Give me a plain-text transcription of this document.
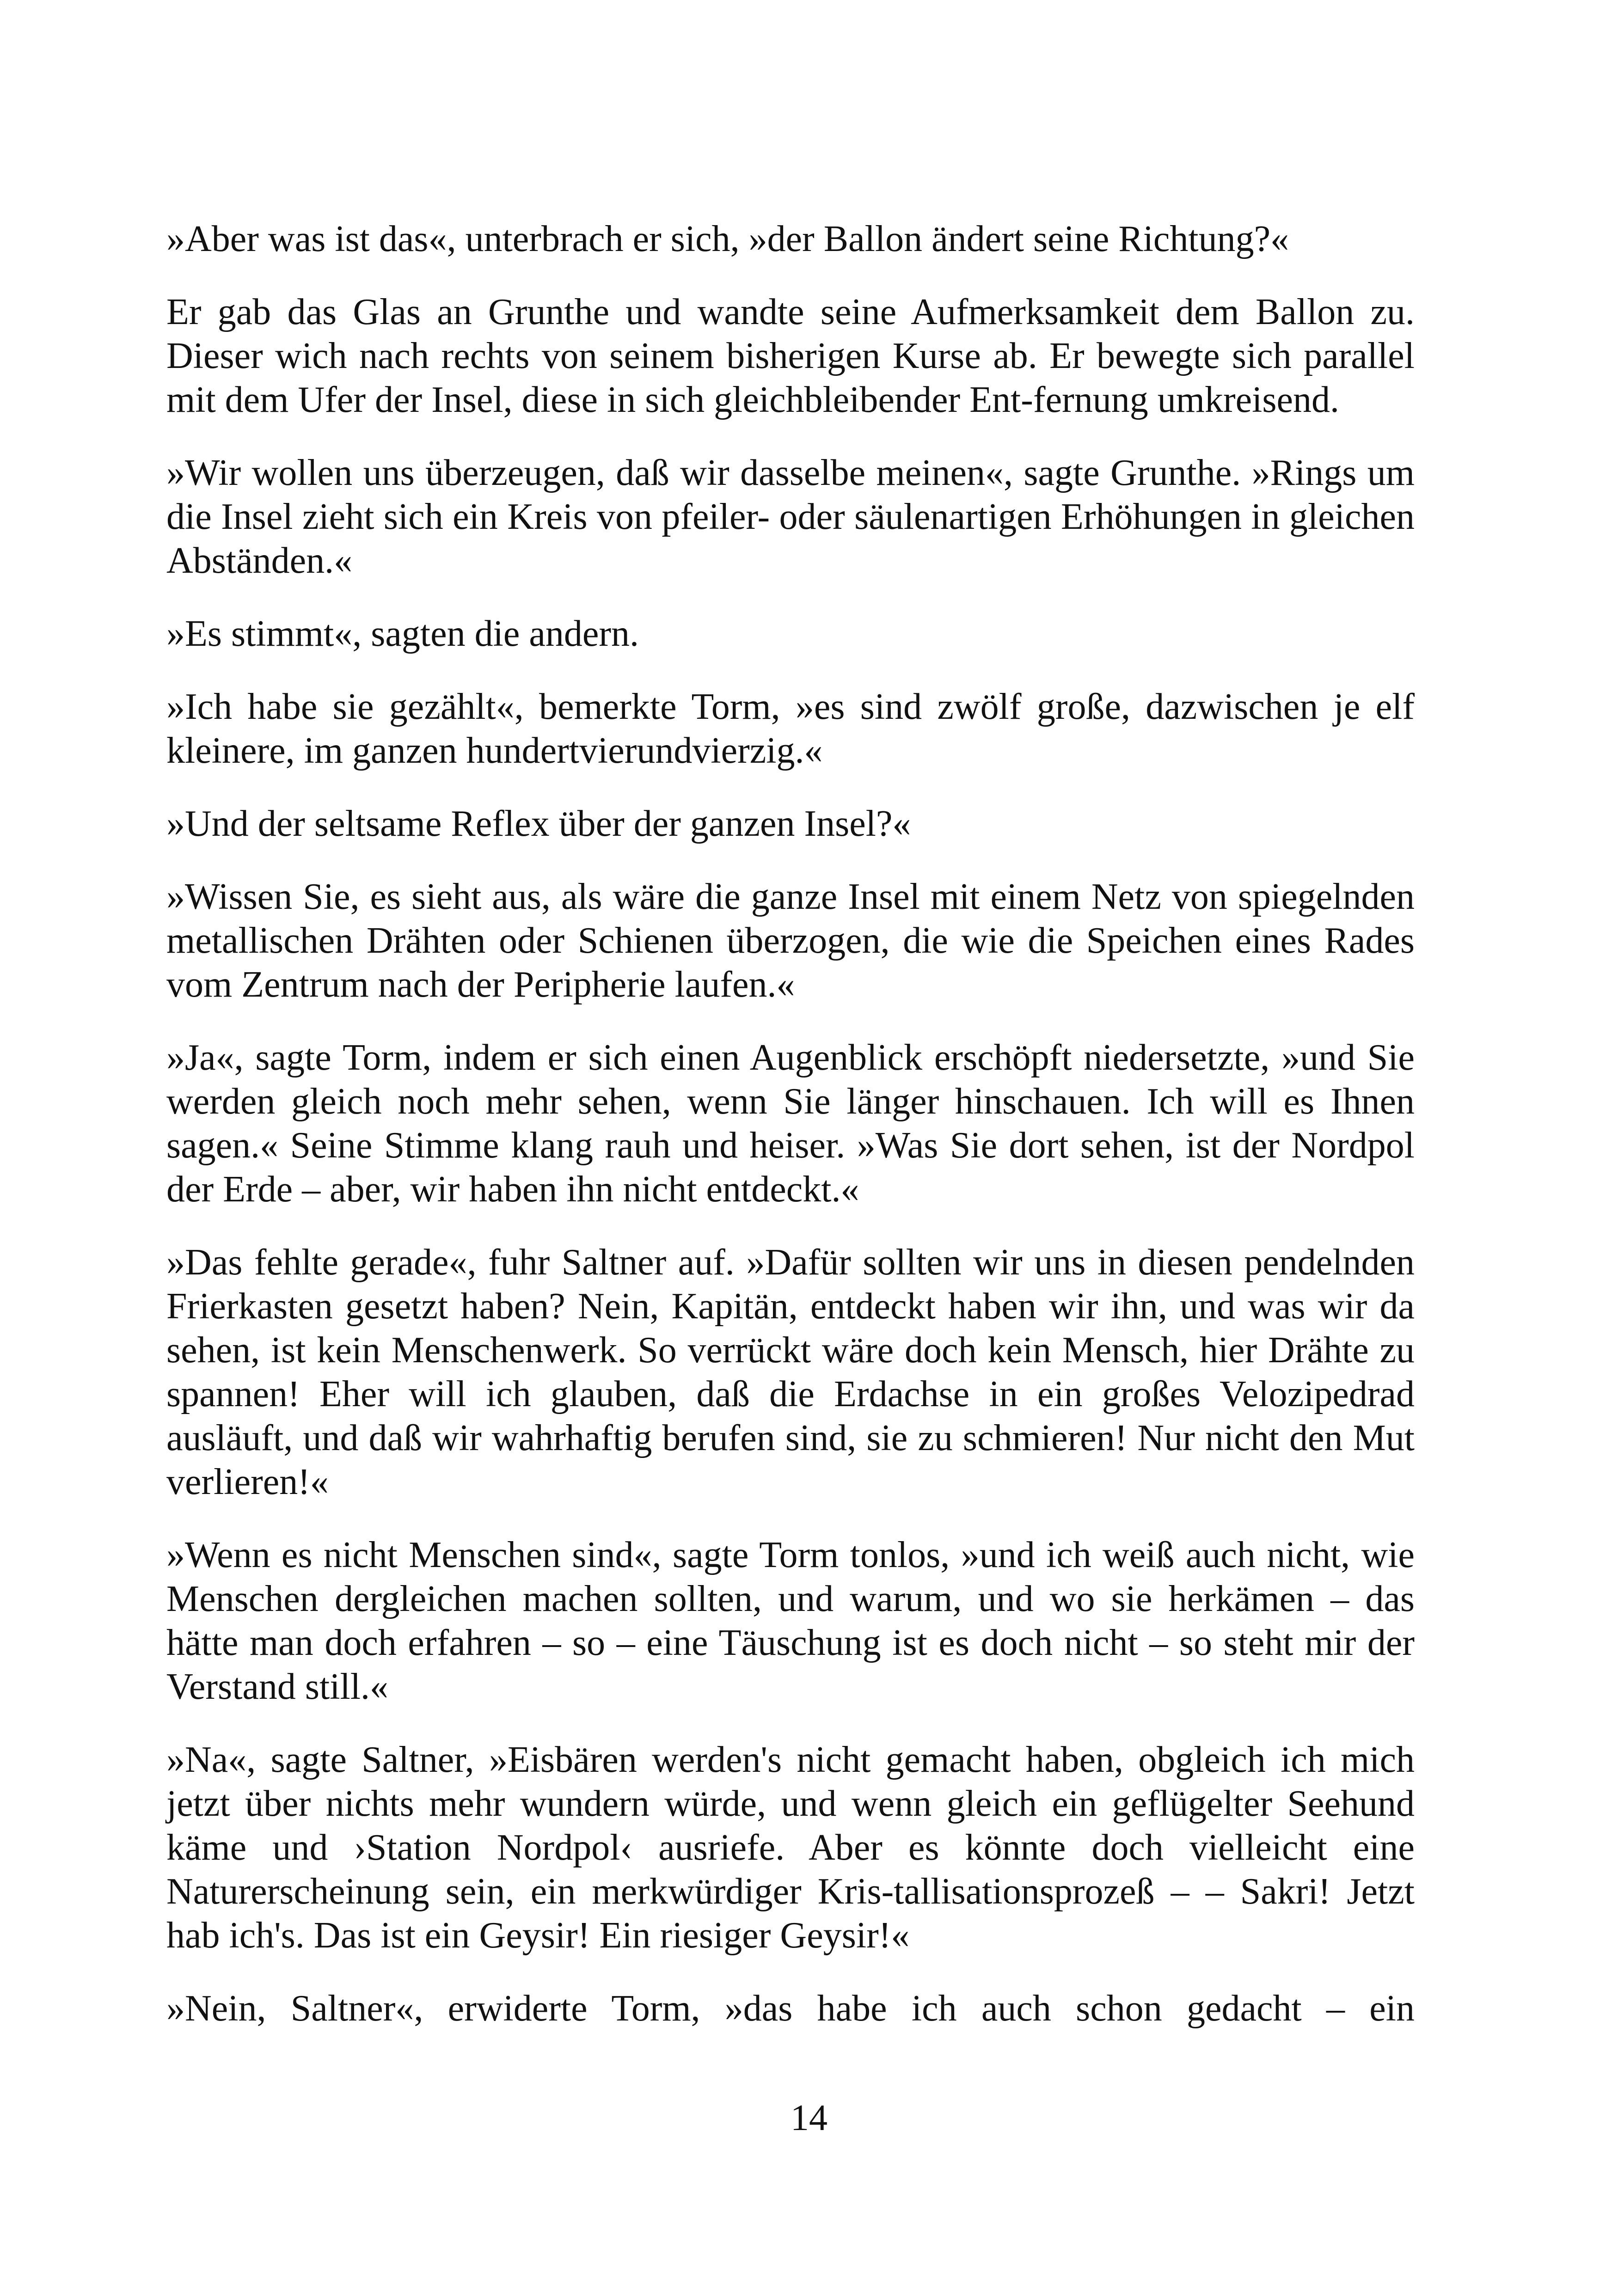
»Aber was ist das«, unterbrach er sich, »der Ballon ändert seine Richtung?«

Er gab das Glas an Grunthe und wandte seine Aufmerksamkeit dem Ballon zu. Dieser wich nach rechts von seinem bisherigen Kurse ab. Er bewegte sich parallel mit dem Ufer der Insel, diese in sich gleichbleibender Ent-fernung umkreisend.

»Wir wollen uns überzeugen, daß wir dasselbe meinen«, sagte Grunthe. »Rings um die Insel zieht sich ein Kreis von pfeiler- oder säulenartigen Erhöhungen in gleichen Abständen.«

»Es stimmt«, sagten die andern.

»Ich habe sie gezählt«, bemerkte Torm, »es sind zwölf große, dazwischen je elf kleinere, im ganzen hundertvierundvierzig.«

»Und der seltsame Reflex über der ganzen Insel?«

»Wissen Sie, es sieht aus, als wäre die ganze Insel mit einem Netz von spiegelnden metallischen Drähten oder Schienen überzogen, die wie die Speichen eines Rades vom Zentrum nach der Peripherie laufen.«

»Ja«, sagte Torm, indem er sich einen Augenblick erschöpft niedersetzte, »und Sie werden gleich noch mehr sehen, wenn Sie länger hinschauen. Ich will es Ihnen sagen.« Seine Stimme klang rauh und heiser. »Was Sie dort sehen, ist der Nordpol der Erde – aber, wir haben ihn nicht entdeckt.«

»Das fehlte gerade«, fuhr Saltner auf. »Dafür sollten wir uns in diesen pendelnden Frierkasten gesetzt haben? Nein, Kapitän, entdeckt haben wir ihn, und was wir da sehen, ist kein Menschenwerk. So verrückt wäre doch kein Mensch, hier Drähte zu spannen! Eher will ich glauben, daß die Erdachse in ein großes Velozipedrad ausläuft, und daß wir wahrhaftig berufen sind, sie zu schmieren! Nur nicht den Mut verlieren!«

»Wenn es nicht Menschen sind«, sagte Torm tonlos, »und ich weiß auch nicht, wie Menschen dergleichen machen sollten, und warum, und wo sie herkämen – das hätte man doch erfahren – so – eine Täuschung ist es doch nicht – so steht mir der Verstand still.«

»Na«, sagte Saltner, »Eisbären werden's nicht gemacht haben, obgleich ich mich jetzt über nichts mehr wundern würde, und wenn gleich ein geflügelter Seehund käme und ›Station Nordpol‹ ausriefe. Aber es könnte doch vielleicht eine Naturerscheinung sein, ein merkwürdiger Kris-tallisationsprozeß – – Sakri! Jetzt hab ich's. Das ist ein Geysir! Ein riesiger Geysir!«

»Nein, Saltner«, erwiderte Torm, »das habe ich auch schon gedacht – ein

14
